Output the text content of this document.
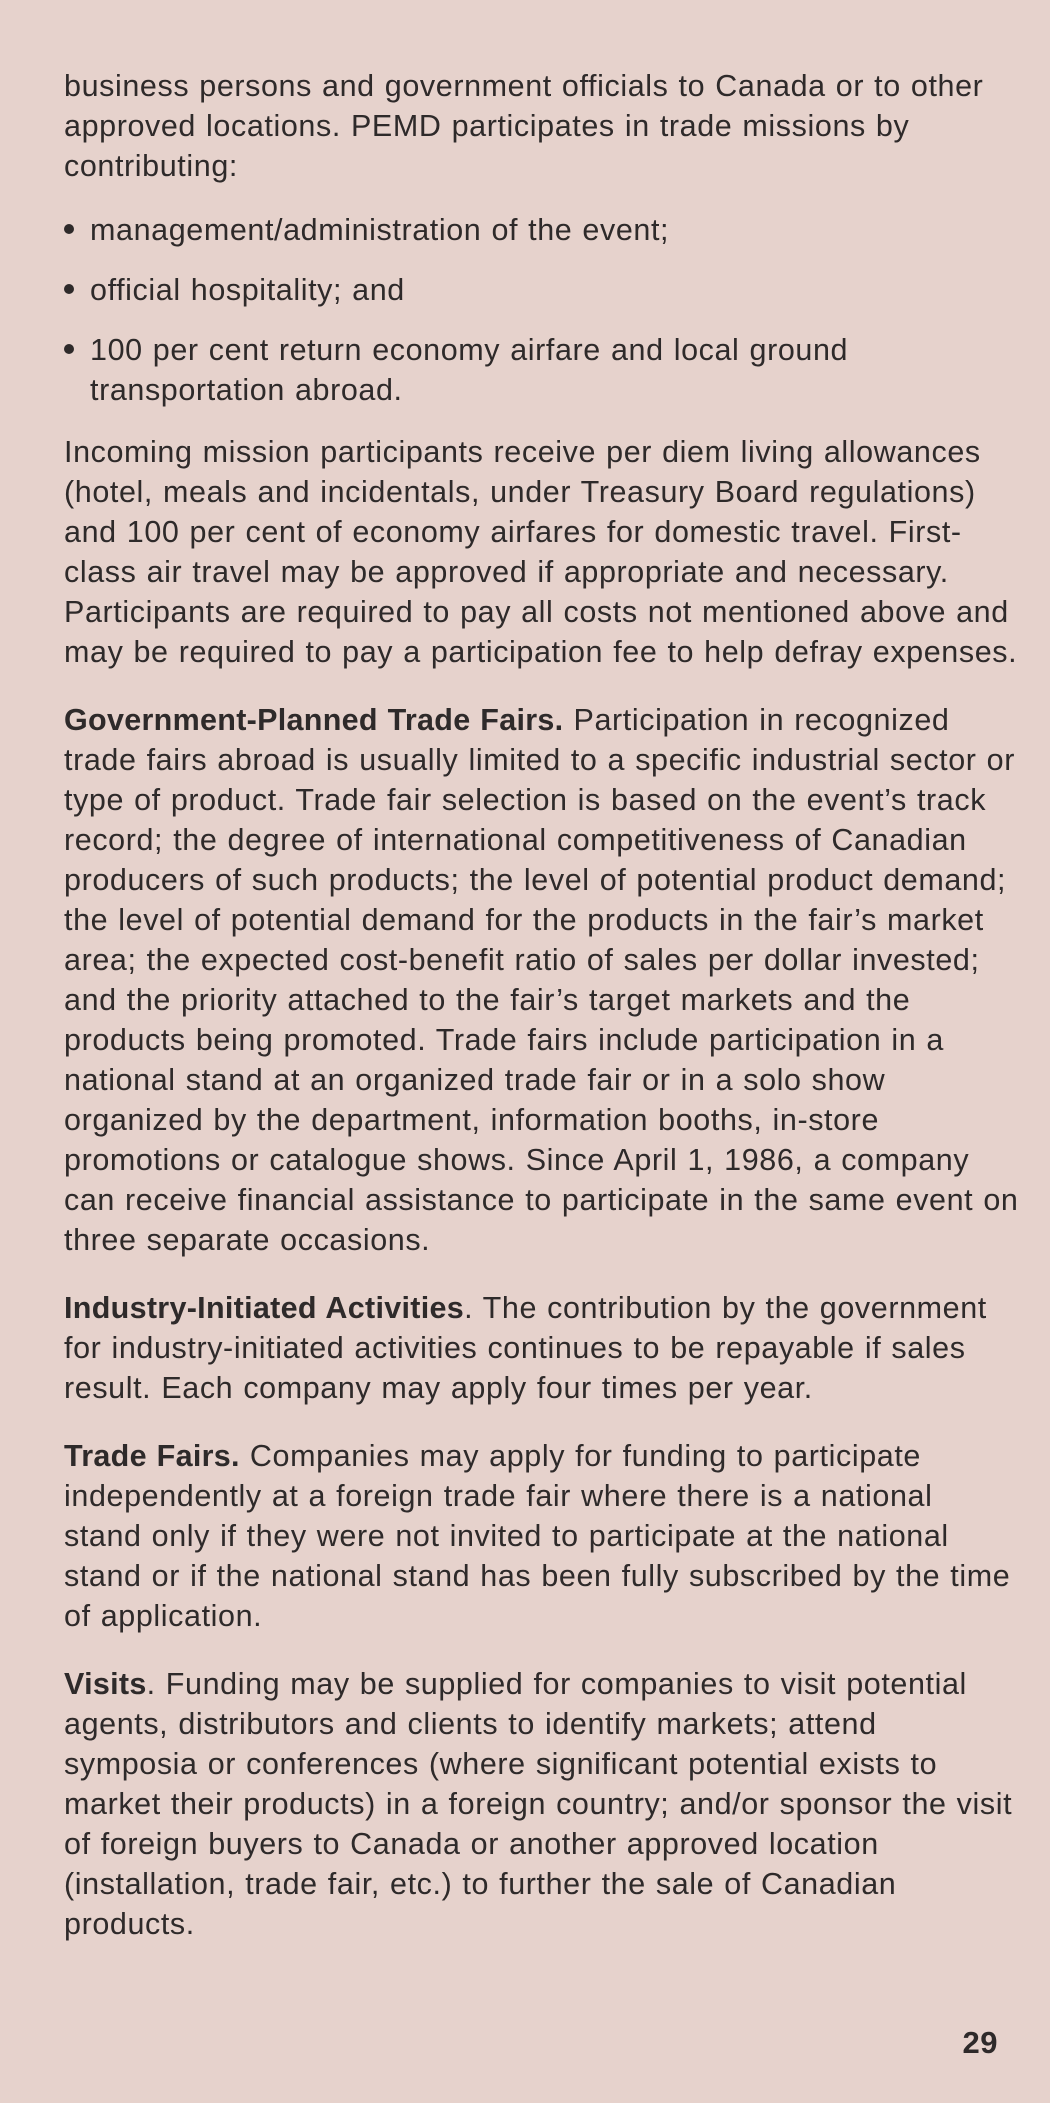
business persons and government officials to Canada or to other approved locations. PEMD participates in trade missions by contributing:

management/administration of the event;
official hospitality; and
100 per cent return economy airfare and local ground transportation abroad.

Incoming mission participants receive per diem living allowances (hotel, meals and incidentals, under Treasury Board regulations) and 100 per cent of economy airfares for domestic travel. First-class air travel may be approved if appropriate and necessary. Participants are required to pay all costs not mentioned above and may be required to pay a participation fee to help defray expenses.

Government-Planned Trade Fairs. Participation in recognized trade fairs abroad is usually limited to a specific industrial sector or type of product. Trade fair selection is based on the event’s track record; the degree of international competitiveness of Canadian producers of such products; the level of potential product demand; the level of potential demand for the products in the fair’s market area; the expected cost-benefit ratio of sales per dollar invested; and the priority attached to the fair’s target markets and the products being promoted. Trade fairs include participation in a national stand at an organized trade fair or in a solo show organized by the department, information booths, in-store promotions or catalogue shows. Since April 1, 1986, a company can receive financial assistance to participate in the same event on three separate occasions.

Industry-Initiated Activities. The contribution by the government for industry-initiated activities continues to be repayable if sales result. Each company may apply four times per year.

Trade Fairs. Companies may apply for funding to participate independently at a foreign trade fair where there is a national stand only if they were not invited to participate at the national stand or if the national stand has been fully subscribed by the time of application.

Visits. Funding may be supplied for companies to visit potential agents, distributors and clients to identify markets; attend symposia or conferences (where significant potential exists to market their products) in a foreign country; and/or sponsor the visit of foreign buyers to Canada or another approved location (installation, trade fair, etc.) to further the sale of Canadian products.

29
